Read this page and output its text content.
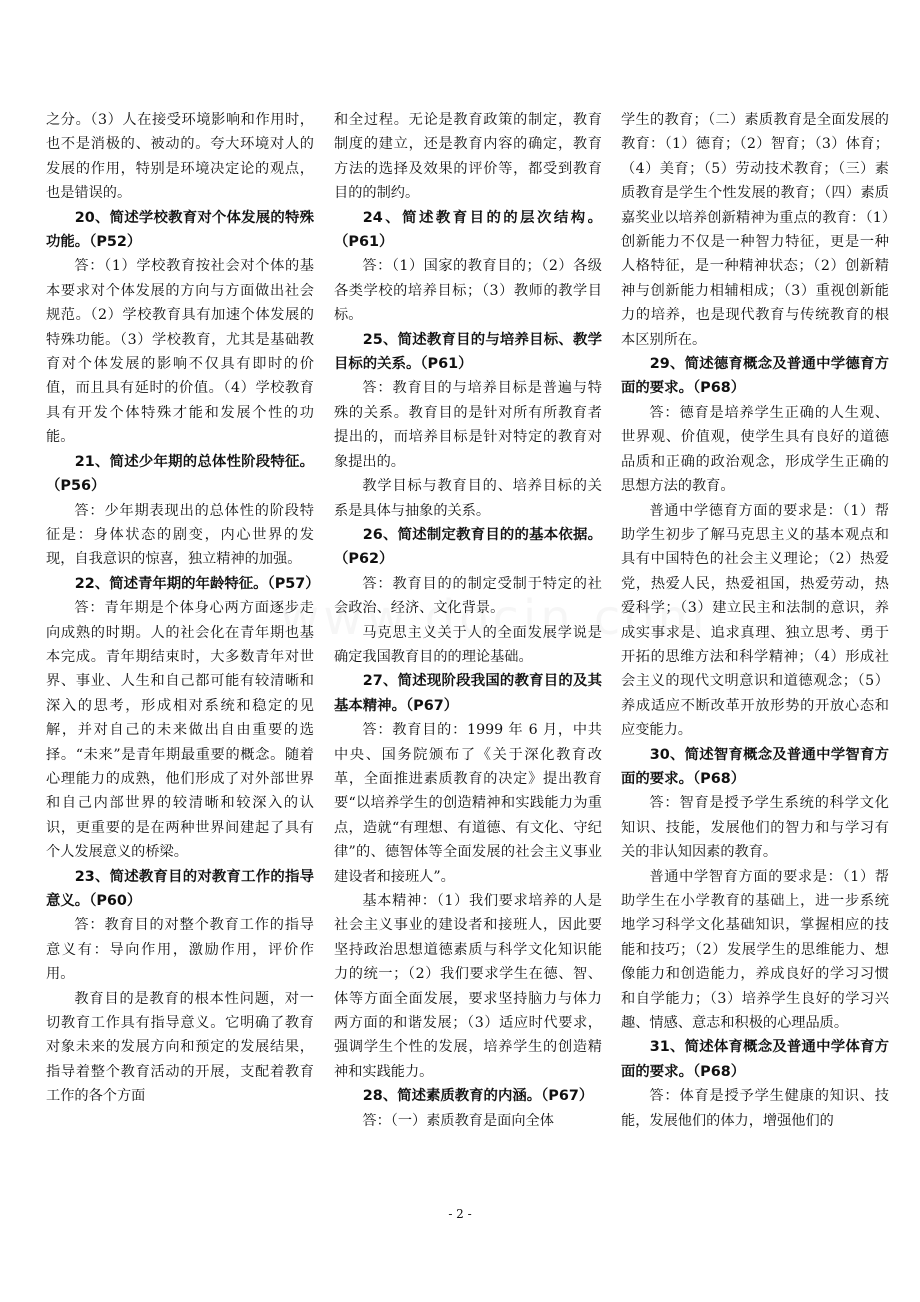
之分。（3）人在接受环境影响和作用时，也不是消极的、被动的。夸大环境对人的发展的作用，特别是环境决定论的观点，也是错误的。

20、简述学校教育对个体发展的特殊功能。（P52）

答：（1）学校教育按社会对个体的基本要求对个体发展的方向与方面做出社会规范。（2）学校教育具有加速个体发展的特殊功能。（3）学校教育，尤其是基础教育对个体发展的影响不仅具有即时的价值，而且具有延时的价值。（4）学校教育具有开发个体特殊才能和发展个性的功能。

21、简述少年期的总体性阶段特征。（P56）

答：少年期表现出的总体性的阶段特征是：身体状态的剧变，内心世界的发现，自我意识的惊喜，独立精神的加强。

22、简述青年期的年龄特征。（P57）

答：青年期是个体身心两方面逐步走向成熟的时期。人的社会化在青年期也基本完成。青年期结束时，大多数青年对世界、事业、人生和自己都可能有较清晰和深入的思考，形成相对系统和稳定的见解，并对自己的未来做出自由重要的选择。“未来”是青年期最重要的概念。随着心理能力的成熟，他们形成了对外部世界和自己内部世界的较清晰和较深入的认识，更重要的是在两种世界间建起了具有个人发展意义的桥梁。

23、简述教育目的对教育工作的指导意义。（P60）

答：教育目的对整个教育工作的指导意义有：导向作用，激励作用，评价作用。

教育目的是教育的根本性问题，对一切教育工作具有指导意义。它明确了教育对象未来的发展方向和预定的发展结果，指导着整个教育活动的开展，支配着教育工作的各个方面

和全过程。无论是教育政策的制定，教育制度的建立，还是教育内容的确定，教育方法的选择及效果的评价等，都受到教育目的的制约。

24、简述教育目的的层次结构。（P61）

答：（1）国家的教育目的；（2）各级各类学校的培养目标；（3）教师的教学目标。

25、简述教育目的与培养目标、教学目标的关系。（P61）

答：教育目的与培养目标是普遍与特殊的关系。教育目的是针对所有所教育者提出的，而培养目标是针对特定的教育对象提出的。

教学目标与教育目的、培养目标的关系是具体与抽象的关系。

26、简述制定教育目的的基本依据。（P62）

答：教育目的的制定受制于特定的社会政治、经济、文化背景。

马克思主义关于人的全面发展学说是确定我国教育目的的理论基础。

27、简述现阶段我国的教育目的及其基本精神。（P67）

答：教育目的：1999 年 6 月，中共中央、国务院颁布了《关于深化教育改革，全面推进素质教育的决定》提出教育要“以培养学生的创造精神和实践能力为重点，造就“有理想、有道德、有文化、守纪律”的、德智体等全面发展的社会主义事业建设者和接班人”。

基本精神：（1）我们要求培养的人是社会主义事业的建设者和接班人，因此要坚持政治思想道德素质与科学文化知识能力的统一；（2）我们要求学生在德、智、体等方面全面发展，要求坚持脑力与体力两方面的和谐发展；（3）适应时代要求，强调学生个性的发展，培养学生的创造精神和实践能力。

28、简述素质教育的内涵。（P67）

答：（一）素质教育是面向全体

学生的教育；（二）素质教育是全面发展的教育：（1）德育；（2）智育；（3）体育；（4）美育；（5）劳动技术教育；（三）素质教育是学生个性发展的教育；（四）素质嘉奖业以培养创新精神为重点的教育：（1）创新能力不仅是一种智力特征，更是一种人格特征，是一种精神状态；（2）创新精神与创新能力相辅相成；（3）重视创新能力的培养，也是现代教育与传统教育的根本区别所在。

29、简述德育概念及普通中学德育方面的要求。（P68）

答：德育是培养学生正确的人生观、世界观、价值观，使学生具有良好的道德品质和正确的政治观念，形成学生正确的思想方法的教育。

普通中学德育方面的要求是：（1）帮助学生初步了解马克思主义的基本观点和具有中国特色的社会主义理论；（2）热爱党，热爱人民，热爱祖国，热爱劳动，热爱科学；（3）建立民主和法制的意识，养成实事求是、追求真理、独立思考、勇于开拓的思维方法和科学精神；（4）形成社会主义的现代文明意识和道德观念；（5）养成适应不断改革开放形势的开放心态和应变能力。

30、简述智育概念及普通中学智育方面的要求。（P68）

答：智育是授予学生系统的科学文化知识、技能，发展他们的智力和与学习有关的非认知因素的教育。

普通中学智育方面的要求是：（1）帮助学生在小学教育的基础上，进一步系统地学习科学文化基础知识，掌握相应的技能和技巧；（2）发展学生的思维能力、想像能力和创造能力，养成良好的学习习惯和自学能力；（3）培养学生良好的学习兴趣、情感、意志和积极的心理品质。

31、简述体育概念及普通中学体育方面的要求。（P68）

答：体育是授予学生健康的知识、技能，发展他们的体力，增强他们的

- 2 -
